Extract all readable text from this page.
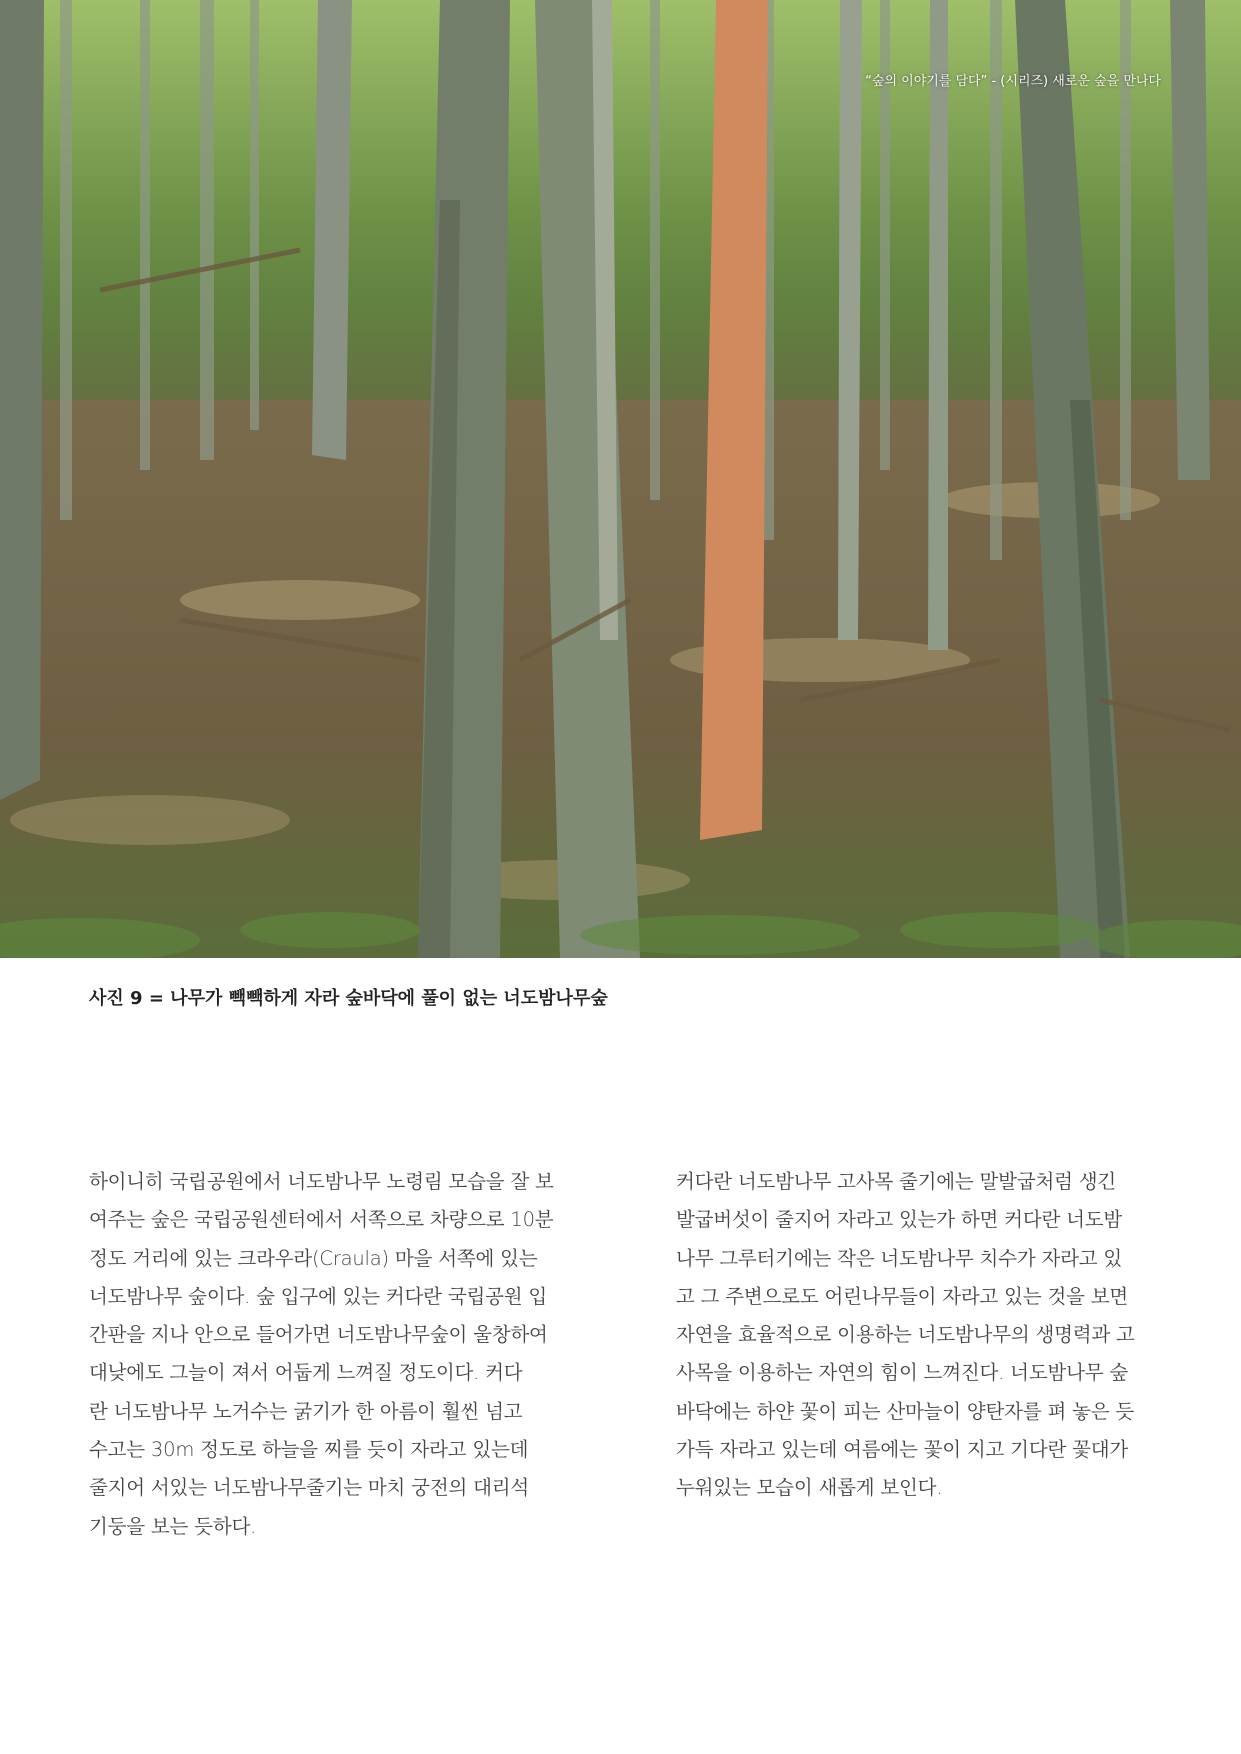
“숲의 이야기를 담다” - (시리즈) 새로운 숲을 만나다
사진 9 = 나무가 빽빽하게 자라 숲바닥에 풀이 없는 너도밤나무숲
하이니히 국립공원에서 너도밤나무 노령림 모습을 잘 보
여주는 숲은 국립공원센터에서 서쪽으로 차량으로 10분
정도 거리에 있는 크라우라(Craula) 마을 서쪽에 있는
너도밤나무 숲이다. 숲 입구에 있는 커다란 국립공원 입
간판을 지나 안으로 들어가면 너도밤나무숲이 울창하여
대낮에도 그늘이 져서 어둡게 느껴질 정도이다. 커다
란 너도밤나무 노거수는 굵기가 한 아름이 훨씬 넘고
수고는 30m 정도로 하늘을 찌를 듯이 자라고 있는데
줄지어 서있는 너도밤나무줄기는 마치 궁전의 대리석
기둥을 보는 듯하다.
커다란 너도밤나무 고사목 줄기에는 말발굽처럼 생긴
발굽버섯이 줄지어 자라고 있는가 하면 커다란 너도밤
나무 그루터기에는 작은 너도밤나무 치수가 자라고 있
고 그 주변으로도 어린나무들이 자라고 있는 것을 보면
자연을 효율적으로 이용하는 너도밤나무의 생명력과 고
사목을 이용하는 자연의 힘이 느껴진다. 너도밤나무 숲
바닥에는 하얀 꽃이 피는 산마늘이 양탄자를 펴 놓은 듯
가득 자라고 있는데 여름에는 꽃이 지고 기다란 꽃대가
누워있는 모습이 새롭게 보인다.
